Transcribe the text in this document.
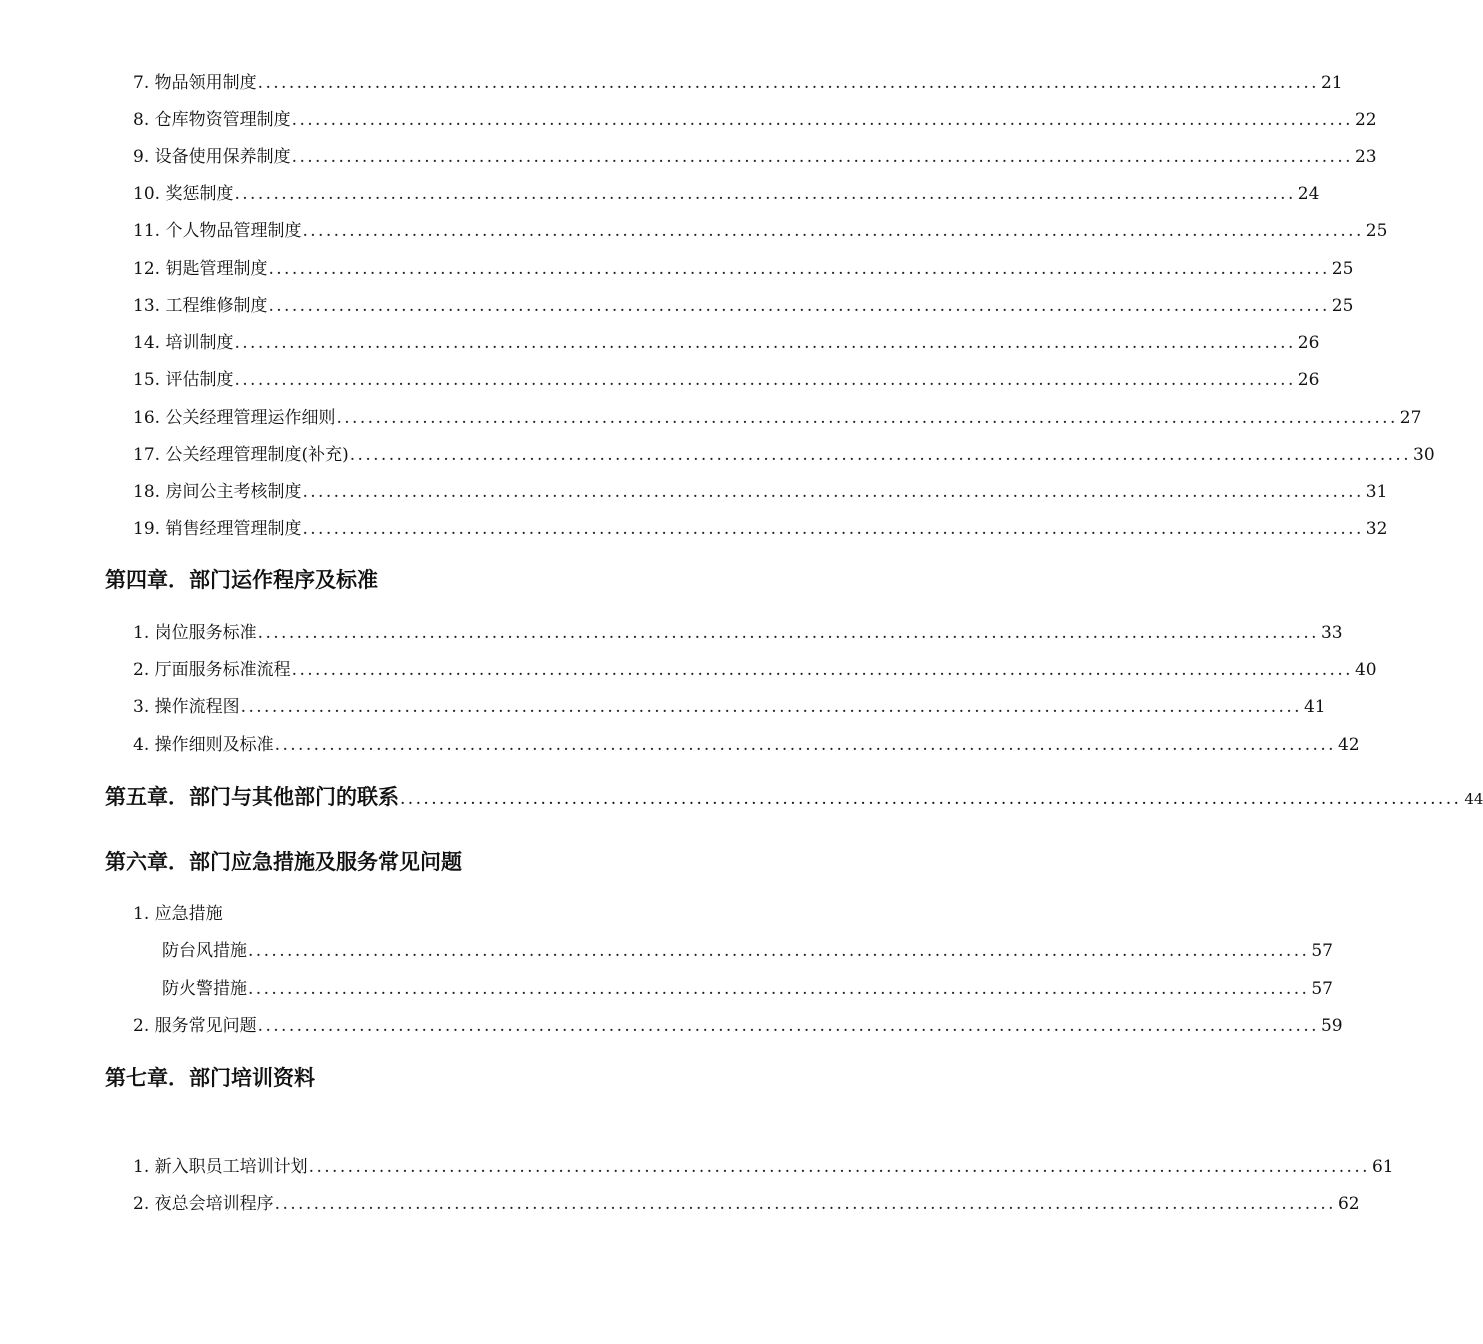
7.
物品领用制度 ........................................................................................................................................ 21
8.
仓库物资管理制度 ........................................................................................................................................ 22
9.
设备使用保养制度 ........................................................................................................................................ 23
10.
奖惩制度 ........................................................................................................................................ 24
11.
个人物品管理制度 ........................................................................................................................................ 25
12.
钥匙管理制度 ........................................................................................................................................ 25
13.
工程维修制度 ........................................................................................................................................ 25
14.
培训制度 ........................................................................................................................................ 26
15.
评估制度 ........................................................................................................................................ 26
16.
公关经理管理运作细则 ........................................................................................................................................ 27
17.
公关经理管理制度(补充) ........................................................................................................................................ 30
18.
房间公主考核制度 ........................................................................................................................................ 31
19.
销售经理管理制度 ........................................................................................................................................ 32
第四章．部门运作程序及标准
1.
岗位服务标准 ........................................................................................................................................ 33
2.
厅面服务标准流程 ........................................................................................................................................ 40
3.
操作流程图 ........................................................................................................................................ 41
4.
操作细则及标准 ........................................................................................................................................ 42
第五章．部门与其他部门的联系 ........................................................................................................................................ 44
第六章．部门应急措施及服务常见问题
1. 应急措施
防台风措施 ........................................................................................................................................ 57
防火警措施 ........................................................................................................................................ 57
2.
服务常见问题 ........................................................................................................................................ 59
第七章．部门培训资料
1.
新入职员工培训计划 ........................................................................................................................................ 61
2.
夜总会培训程序 ........................................................................................................................................ 62
